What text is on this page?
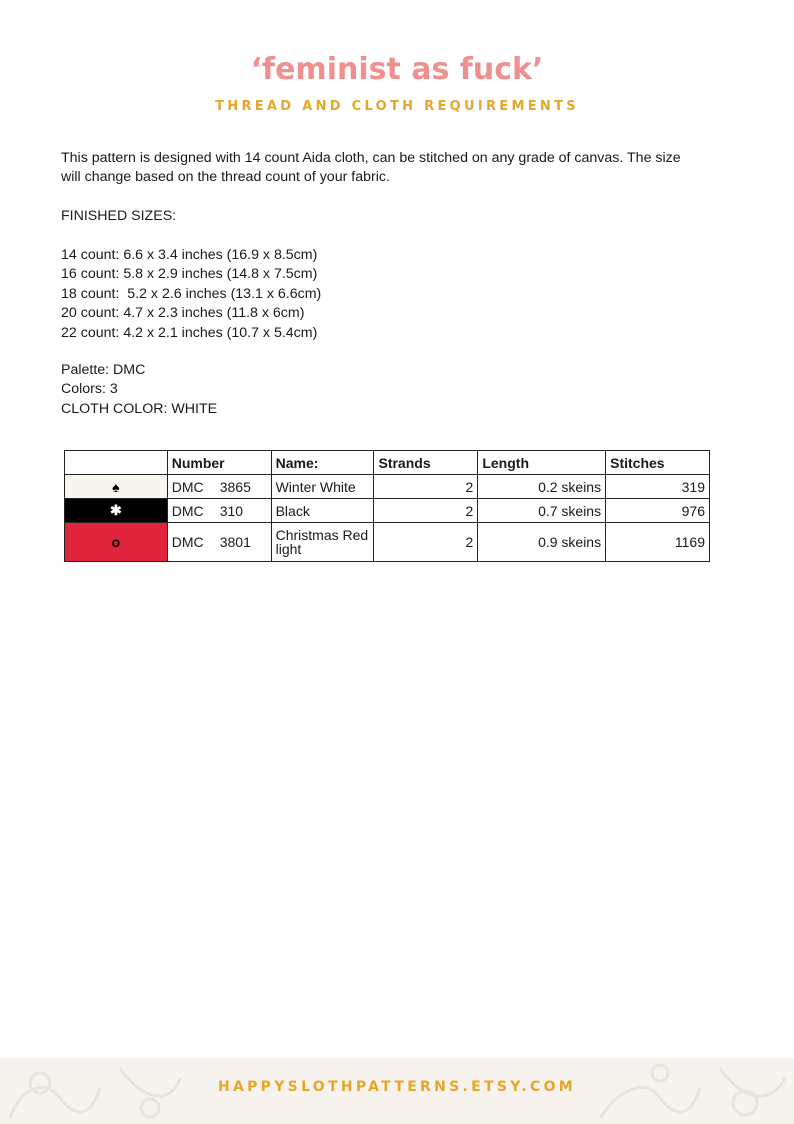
‘feminist as fuck’
THREAD AND CLOTH REQUIREMENTS
This pattern is designed with 14 count Aida cloth, can be stitched on any grade of canvas. The size
will change based on the thread count of your fabric.
FINISHED SIZES:
14 count: 6.6 x 3.4 inches (16.9 x 8.5cm)
16 count: 5.8 x 2.9 inches (14.8 x 7.5cm)
18 count:  5.2 x 2.6 inches (13.1 x 6.6cm)
20 count: 4.7 x 2.3 inches (11.8 x 6cm)
22 count: 4.2 x 2.1 inches (10.7 x 5.4cm)
Palette: DMC
Colors: 3
CLOTH COLOR: WHITE
	Number	Name:	Strands	Length	Stitches
♠	DMC 3865	Winter White	2	0.2 skeins	319
✱	DMC 310	Black	2	0.7 skeins	976
o	DMC 3801	Christmas Red light	2	0.9 skeins	1169
HAPPYSLOTHPATTERNS.ETSY.COM
